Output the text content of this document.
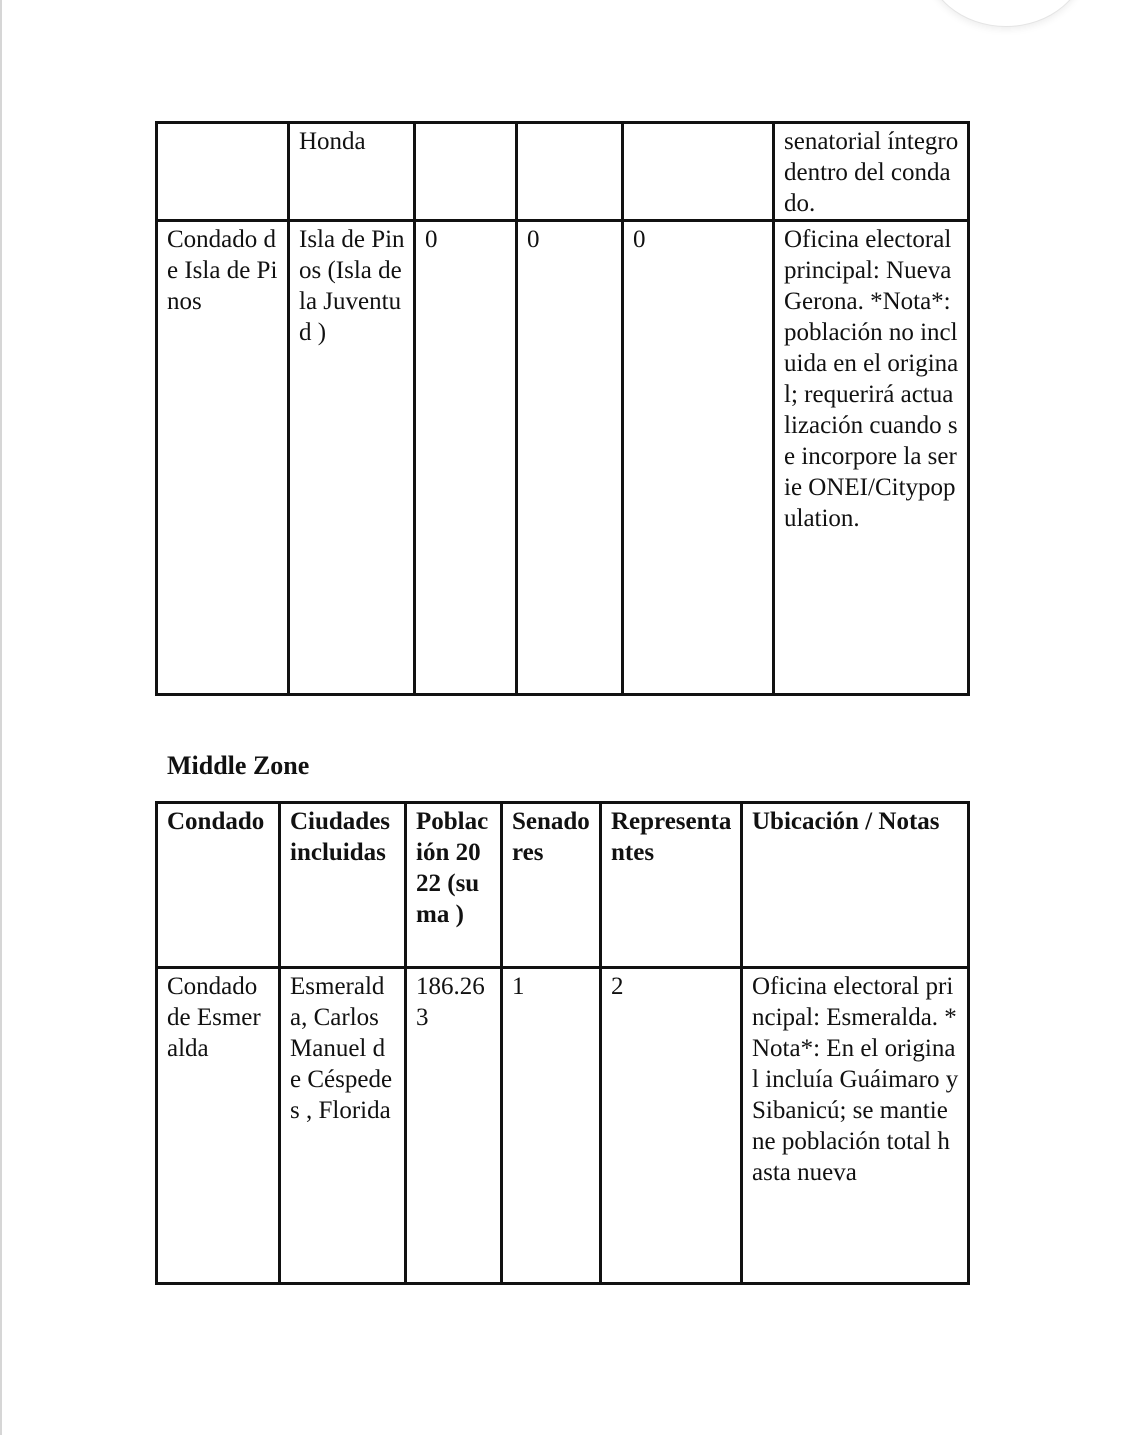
	Honda				senatorial íntegro dentro del condado.
Condado de Isla de Pinos	Isla de Pinos (Isla de la Juventud )	0	0	0	Oficina electoral principal: Nueva Gerona. *Nota*: población no incluida en el original; requerirá actualización cuando se incorpore la serie ONEI/Citypopulation.
Middle Zone
Condado	Ciudades incluidas	Población 2022 (suma )	Senadores	Representantes	Ubicación / Notas
Condado de Esmeralda	Esmeralda, Carlos Manuel de Céspedes , Florida	186.263	1	2	Oficina electoral principal: Esmeralda. *Nota*: En el original incluía Guáimaro y Sibanicú; se mantiene población total hasta nueva
